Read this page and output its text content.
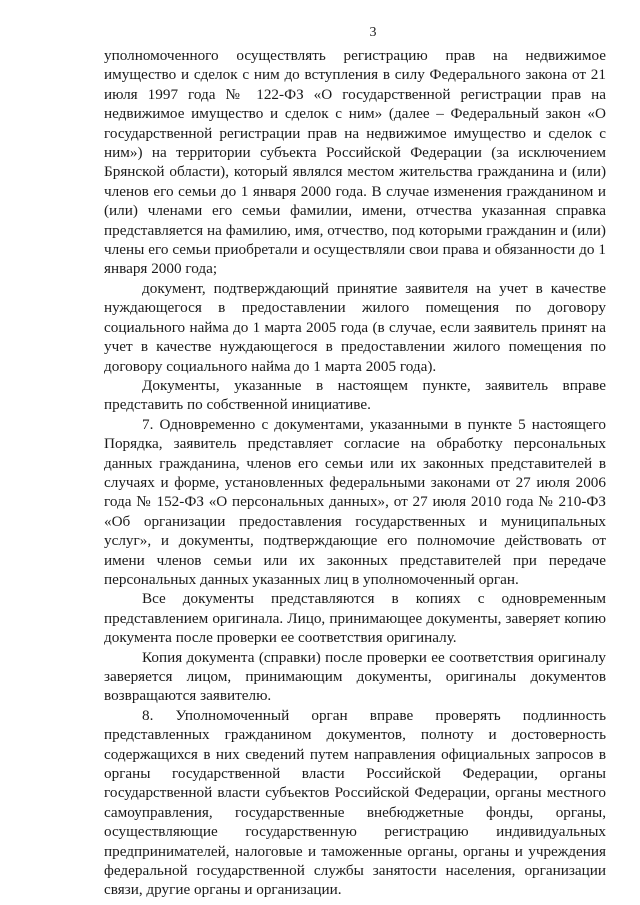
3

уполномоченного осуществлять регистрацию прав на недвижимое имущество и сделок с ним до вступления в силу Федерального закона от 21 июля 1997 года № 122-ФЗ «О государственной регистрации прав на недвижимое имущество и сделок с ним» (далее – Федеральный закон «О государственной регистрации прав на недвижимое имущество и сделок с ним») на территории субъекта Российской Федерации (за исключением Брянской области), который являлся местом жительства гражданина и (или) членов его семьи до 1 января 2000 года. В случае изменения гражданином и (или) членами его семьи фамилии, имени, отчества указанная справка представляется на фамилию, имя, отчество, под которыми гражданин и (или) члены его семьи приобретали и осуществляли свои права и обязанности до 1 января 2000 года;

документ, подтверждающий принятие заявителя на учет в качестве нуждающегося в предоставлении жилого помещения по договору социального найма до 1 марта 2005 года (в случае, если заявитель принят на учет в качестве нуждающегося в предоставлении жилого помещения по договору социального найма до 1 марта 2005 года).

Документы, указанные в настоящем пункте, заявитель вправе представить по собственной инициативе.

7. Одновременно с документами, указанными в пункте 5 настоящего Порядка, заявитель представляет согласие на обработку персональных данных гражданина, членов его семьи или их законных представителей в случаях и форме, установленных федеральными законами от 27 июля 2006 года № 152-ФЗ «О персональных данных», от 27 июля 2010 года № 210-ФЗ «Об организации предоставления государственных и муниципальных услуг», и документы, подтверждающие его полномочие действовать от имени членов семьи или их законных представителей при передаче персональных данных указанных лиц в уполномоченный орган.

Все документы представляются в копиях с одновременным представлением оригинала. Лицо, принимающее документы, заверяет копию документа после проверки ее соответствия оригиналу.

Копия документа (справки) после проверки ее соответствия оригиналу заверяется лицом, принимающим документы, оригиналы документов возвращаются заявителю.

8. Уполномоченный орган вправе проверять подлинность представленных гражданином документов, полноту и достоверность содержащихся в них сведений путем направления официальных запросов в органы государственной власти Российской Федерации, органы государственной власти субъектов Российской Федерации, органы местного самоуправления, государственные внебюджетные фонды, органы, осуществляющие государственную регистрацию индивидуальных предпринимателей, налоговые и таможенные органы, органы и учреждения федеральной государственной службы занятости населения, организации связи, другие органы и организации.
